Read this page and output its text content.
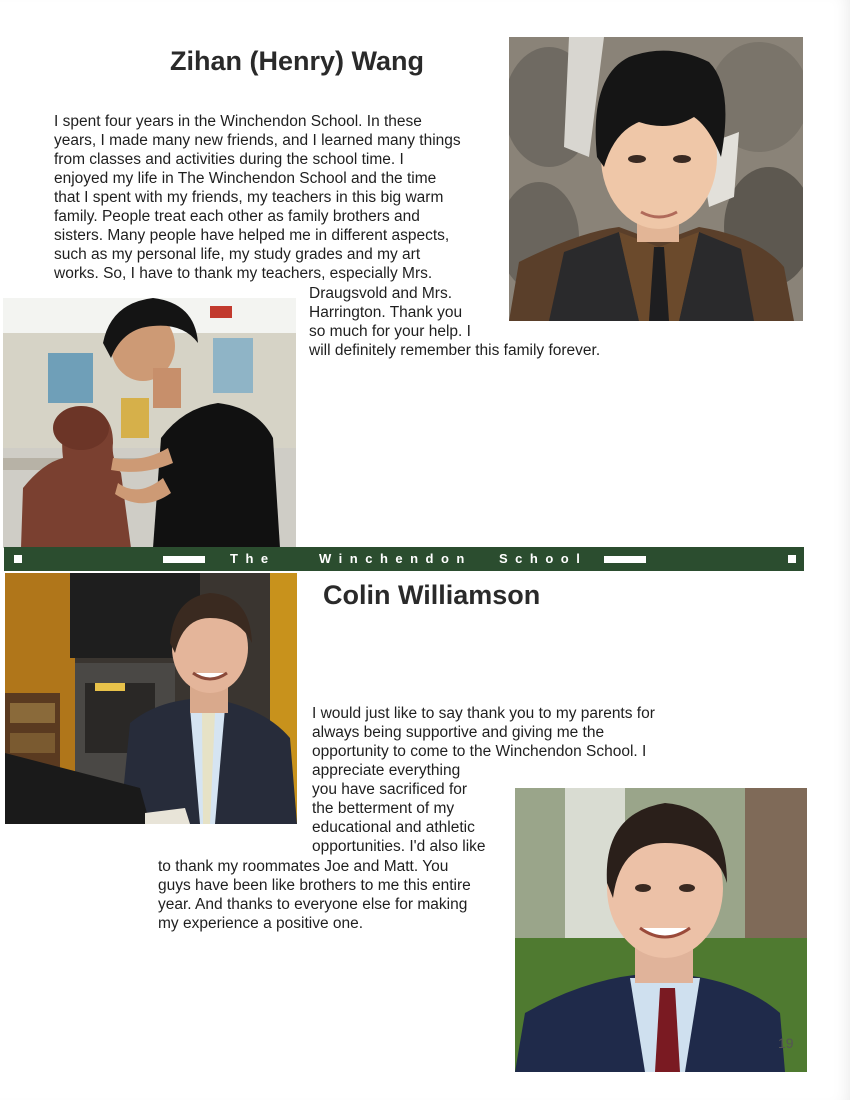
Zihan (Henry) Wang
I spent four years in the Winchendon School. In these
years, I made many new friends, and I learned many things
from classes and activities during the school time. I
enjoyed my life in The Winchendon School and the time
that I spent with my friends, my teachers in this big warm
family. People treat each other as family brothers and
sisters. Many people have helped me in different aspects,
such as my personal life, my study grades and my art
works. So, I have to thank my teachers, especially Mrs.
Draugsvold and Mrs.
Harrington. Thank you
so much for your help. I
will definitely remember this family forever.
The	Winchendon School
Colin Williamson
I would just like to say thank you to my parents for
always being supportive and giving me the
opportunity to come to the Winchendon School. I
appreciate everything
you have sacrificed for
the betterment of my
educational and athletic
opportunities. I'd also like
to thank my roommates Joe and Matt. You
guys have been like brothers to me this entire
year. And thanks to everyone else for making
my experience a positive one.
19
